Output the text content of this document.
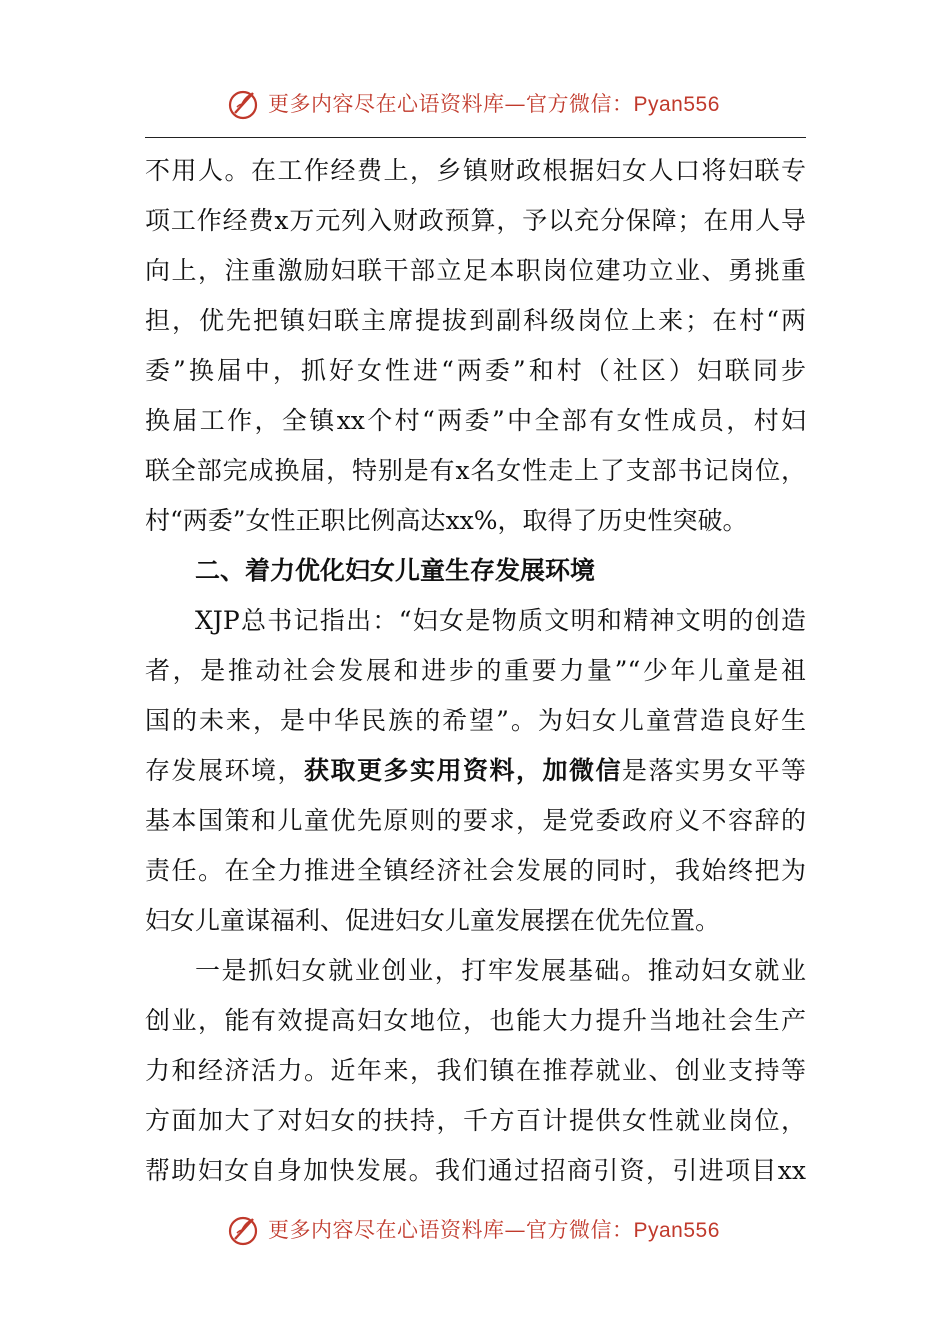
更多内容尽在心语资料库—官方微信：Pyan556
不用人。在工作经费上，乡镇财政根据妇女人口将妇联专
项工作经费x万元列入财政预算，予以充分保障；在用人导
向上，注重激励妇联干部立足本职岗位建功立业、勇挑重
担，优先把镇妇联主席提拔到副科级岗位上来；在村“两
委”换届中，抓好女性进“两委”和村（社区）妇联同步
换届工作，全镇xx个村“两委”中全部有女性成员，村妇
联全部完成换届，特别是有x名女性走上了支部书记岗位，
村“两委”女性正职比例高达xx%，取得了历史性突破。
二、着力优化妇女儿童生存发展环境
XJP总书记指出：“妇女是物质文明和精神文明的创造
者，是推动社会发展和进步的重要力量”“少年儿童是祖
国的未来，是中华民族的希望”。为妇女儿童营造良好生
存发展环境，获取更多实用资料，加微信是落实男女平等
基本国策和儿童优先原则的要求，是党委政府义不容辞的
责任。在全力推进全镇经济社会发展的同时，我始终把为
妇女儿童谋福利、促进妇女儿童发展摆在优先位置。
一是抓妇女就业创业，打牢发展基础。推动妇女就业
创业，能有效提高妇女地位，也能大力提升当地社会生产
力和经济活力。近年来，我们镇在推荐就业、创业支持等
方面加大了对妇女的扶持，千方百计提供女性就业岗位，
帮助妇女自身加快发展。我们通过招商引资，引进项目xx
更多内容尽在心语资料库—官方微信：Pyan556
